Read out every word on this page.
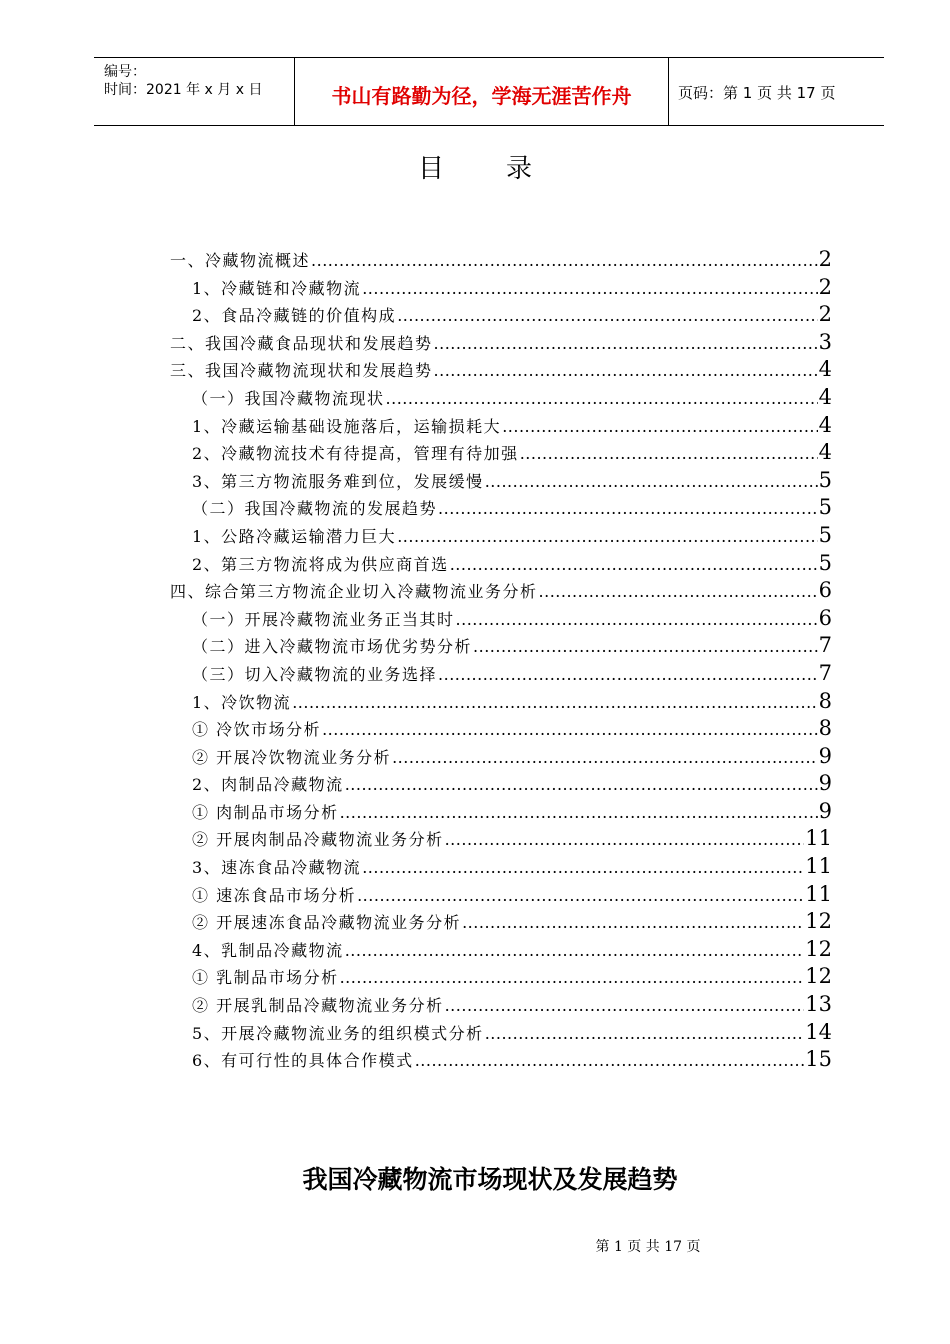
编号：
时间：2021 年 x 月 x 日	书山有路勤为径，学海无涯苦作舟	页码：第 1 页 共 17 页
目 录
一、冷藏物流概述 .....	2
1、冷藏链和冷藏物流 .....	2
2、食品冷藏链的价值构成 .....	2
二、我国冷藏食品现状和发展趋势 .....	3
三、我国冷藏物流现状和发展趋势 .....	4
（一）我国冷藏物流现状 .....	4
1、冷藏运输基础设施落后，运输损耗大 .....	4
2、冷藏物流技术有待提高，管理有待加强 .....	4
3、第三方物流服务难到位，发展缓慢 .....	5
（二）我国冷藏物流的发展趋势 .....	5
1、公路冷藏运输潜力巨大 .....	5
2、第三方物流将成为供应商首选 .....	5
四、综合第三方物流企业切入冷藏物流业务分析 .....	6
（一）开展冷藏物流业务正当其时 .....	6
（二）进入冷藏物流市场优劣势分析 .....	7
（三）切入冷藏物流的业务选择 .....	7
1、冷饮物流 .....	8
① 冷饮市场分析 .....	8
② 开展冷饮物流业务分析 .....	9
2、肉制品冷藏物流 .....	9
① 肉制品市场分析 .....	9
② 开展肉制品冷藏物流业务分析 .....	11
3、速冻食品冷藏物流 .....	11
① 速冻食品市场分析 .....	11
② 开展速冻食品冷藏物流业务分析 .....	12
4、乳制品冷藏物流 .....	12
① 乳制品市场分析 .....	12
② 开展乳制品冷藏物流业务分析 .....	13
5、开展冷藏物流业务的组织模式分析 .....	14
6、有可行性的具体合作模式 .....	15
我国冷藏物流市场现状及发展趋势
第 1 页 共 17 页
